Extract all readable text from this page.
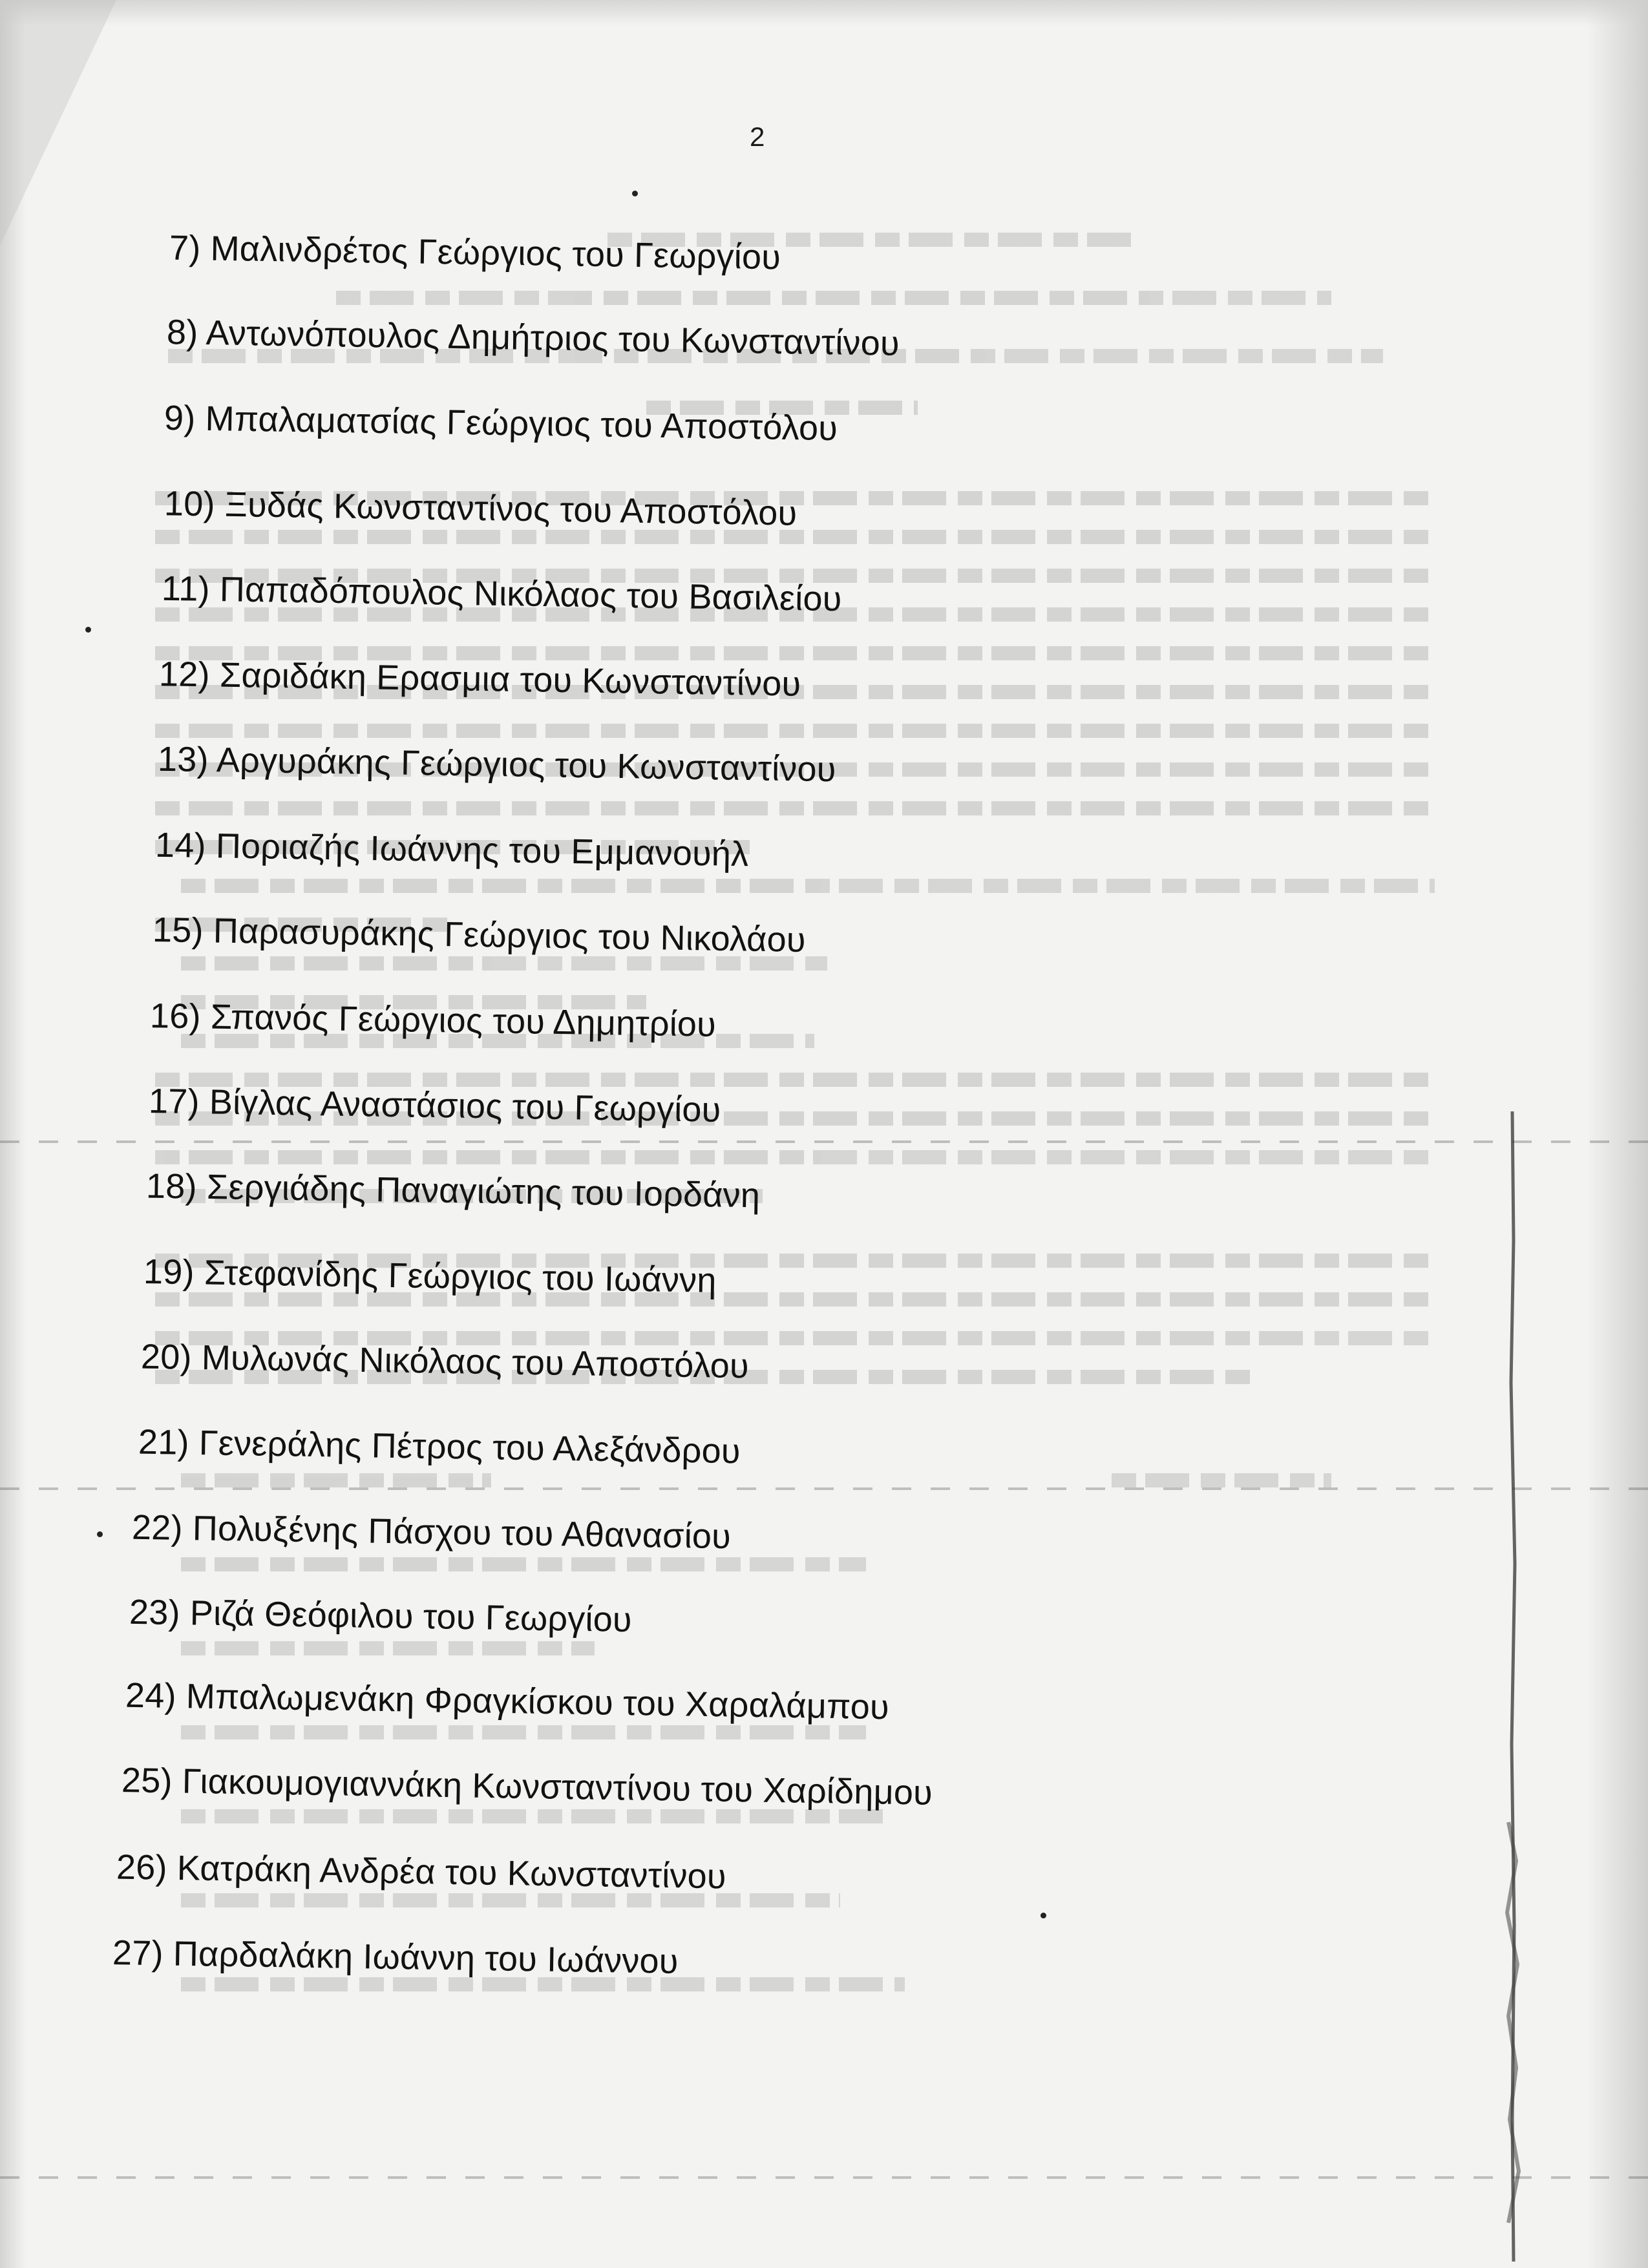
2
7) Μαλινδρέτος Γεώργιος του Γεωργίου
8) Αντωνόπουλος Δημήτριος του Κωνσταντίνου
9) Μπαλαματσίας Γεώργιος του Αποστόλου
10) Ξυδάς Κωνσταντίνος του Αποστόλου
11) Παπαδόπουλος Νικόλαος του Βασιλείου
12) Σαριδάκη Ερασμια του Κωνσταντίνου
13) Αργυράκης Γεώργιος του Κωνσταντίνου
14) Ποριαζής Ιωάννης του Εμμανουήλ
15) Παρασυράκης Γεώργιος του Νικολάου
16) Σπανός Γεώργιος του Δημητρίου
17) Βίγλας Αναστάσιος του Γεωργίου
18) Σεργιάδης Παναγιώτης του Ιορδάνη
19) Στεφανίδης Γεώργιος του Ιωάννη
20) Μυλωνάς Νικόλαος του Αποστόλου
21) Γενεράλης Πέτρος του Αλεξάνδρου
22) Πολυξένης Πάσχου του Αθανασίου
23) Ριζά Θεόφιλου του Γεωργίου
24) Μπαλωμενάκη Φραγκίσκου του Χαραλάμπου
25) Γιακουμογιαννάκη Κωνσταντίνου του Χαρίδημου
26) Κατράκη Ανδρέα του Κωνσταντίνου
27) Παρδαλάκη Ιωάννη του Ιωάννου
